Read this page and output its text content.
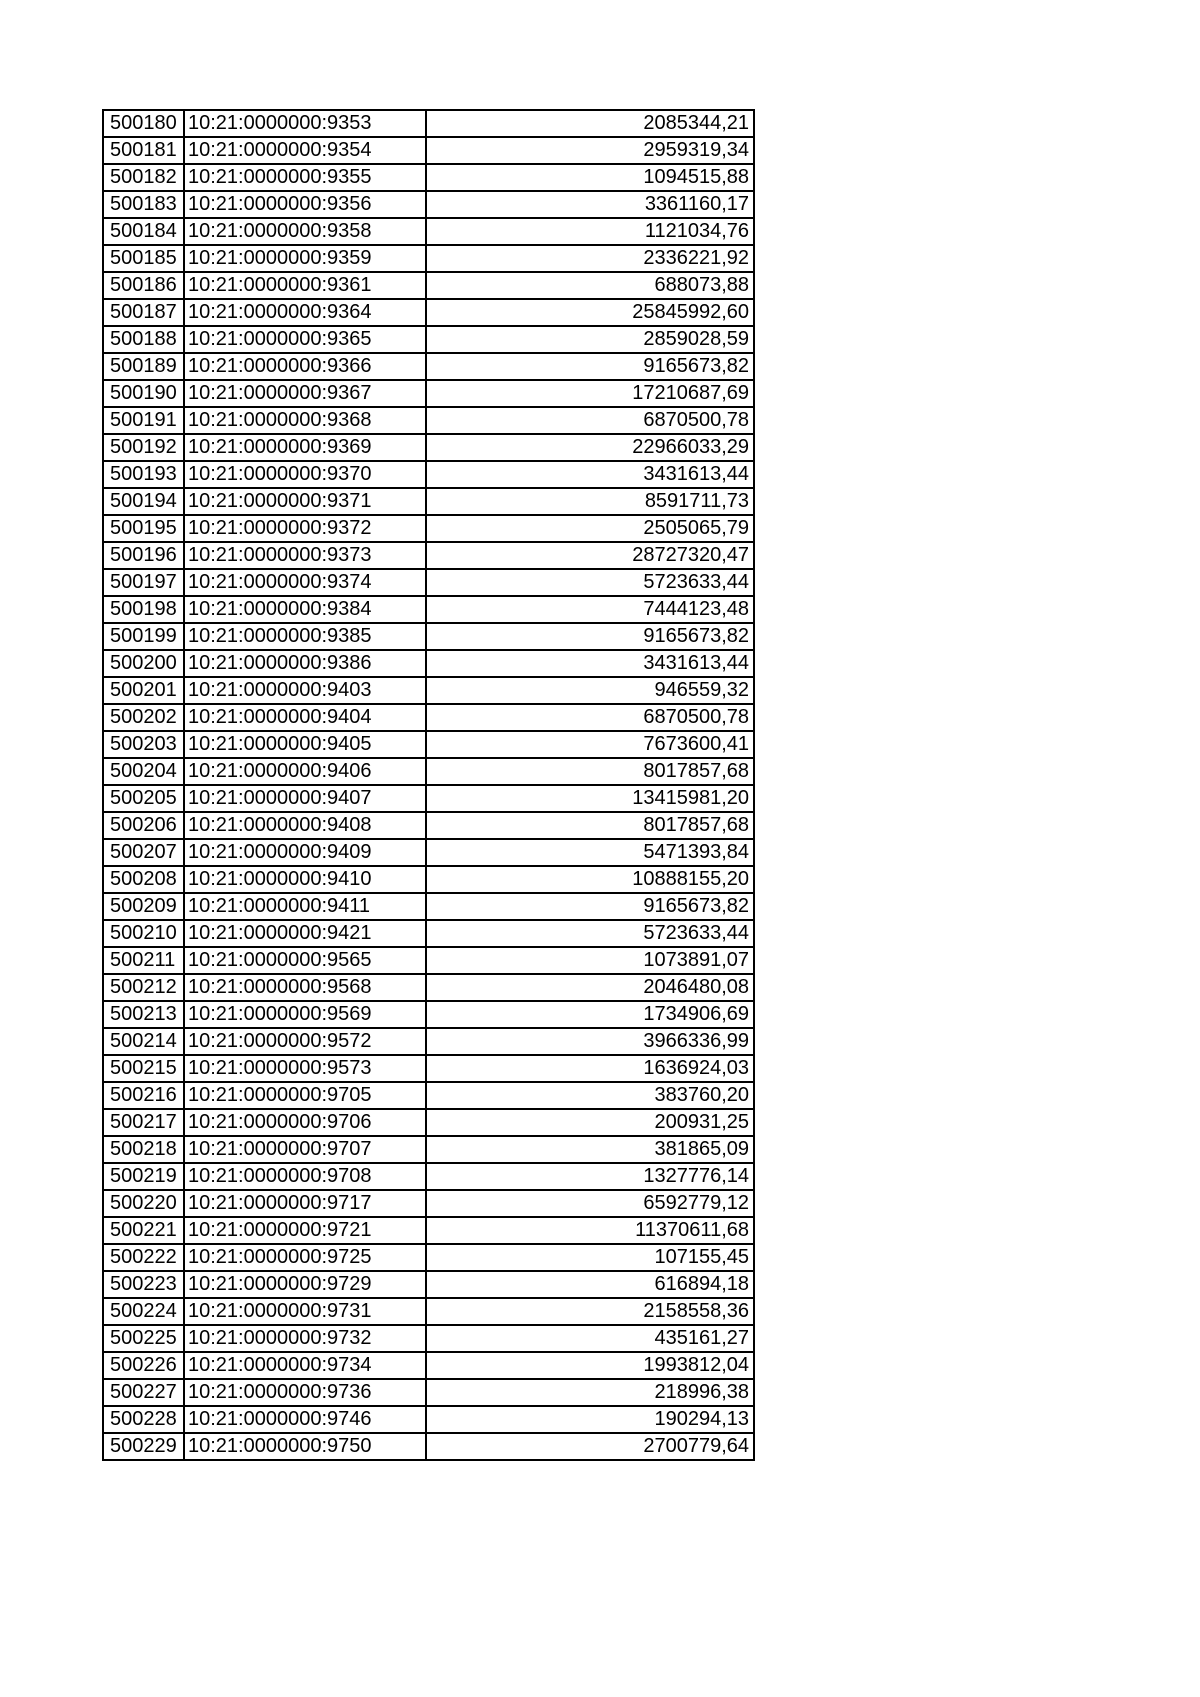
500180	10:21:0000000:9353	2085344,21
500181	10:21:0000000:9354	2959319,34
500182	10:21:0000000:9355	1094515,88
500183	10:21:0000000:9356	3361160,17
500184	10:21:0000000:9358	1121034,76
500185	10:21:0000000:9359	2336221,92
500186	10:21:0000000:9361	688073,88
500187	10:21:0000000:9364	25845992,60
500188	10:21:0000000:9365	2859028,59
500189	10:21:0000000:9366	9165673,82
500190	10:21:0000000:9367	17210687,69
500191	10:21:0000000:9368	6870500,78
500192	10:21:0000000:9369	22966033,29
500193	10:21:0000000:9370	3431613,44
500194	10:21:0000000:9371	8591711,73
500195	10:21:0000000:9372	2505065,79
500196	10:21:0000000:9373	28727320,47
500197	10:21:0000000:9374	5723633,44
500198	10:21:0000000:9384	7444123,48
500199	10:21:0000000:9385	9165673,82
500200	10:21:0000000:9386	3431613,44
500201	10:21:0000000:9403	946559,32
500202	10:21:0000000:9404	6870500,78
500203	10:21:0000000:9405	7673600,41
500204	10:21:0000000:9406	8017857,68
500205	10:21:0000000:9407	13415981,20
500206	10:21:0000000:9408	8017857,68
500207	10:21:0000000:9409	5471393,84
500208	10:21:0000000:9410	10888155,20
500209	10:21:0000000:9411	9165673,82
500210	10:21:0000000:9421	5723633,44
500211	10:21:0000000:9565	1073891,07
500212	10:21:0000000:9568	2046480,08
500213	10:21:0000000:9569	1734906,69
500214	10:21:0000000:9572	3966336,99
500215	10:21:0000000:9573	1636924,03
500216	10:21:0000000:9705	383760,20
500217	10:21:0000000:9706	200931,25
500218	10:21:0000000:9707	381865,09
500219	10:21:0000000:9708	1327776,14
500220	10:21:0000000:9717	6592779,12
500221	10:21:0000000:9721	11370611,68
500222	10:21:0000000:9725	107155,45
500223	10:21:0000000:9729	616894,18
500224	10:21:0000000:9731	2158558,36
500225	10:21:0000000:9732	435161,27
500226	10:21:0000000:9734	1993812,04
500227	10:21:0000000:9736	218996,38
500228	10:21:0000000:9746	190294,13
500229	10:21:0000000:9750	2700779,64
